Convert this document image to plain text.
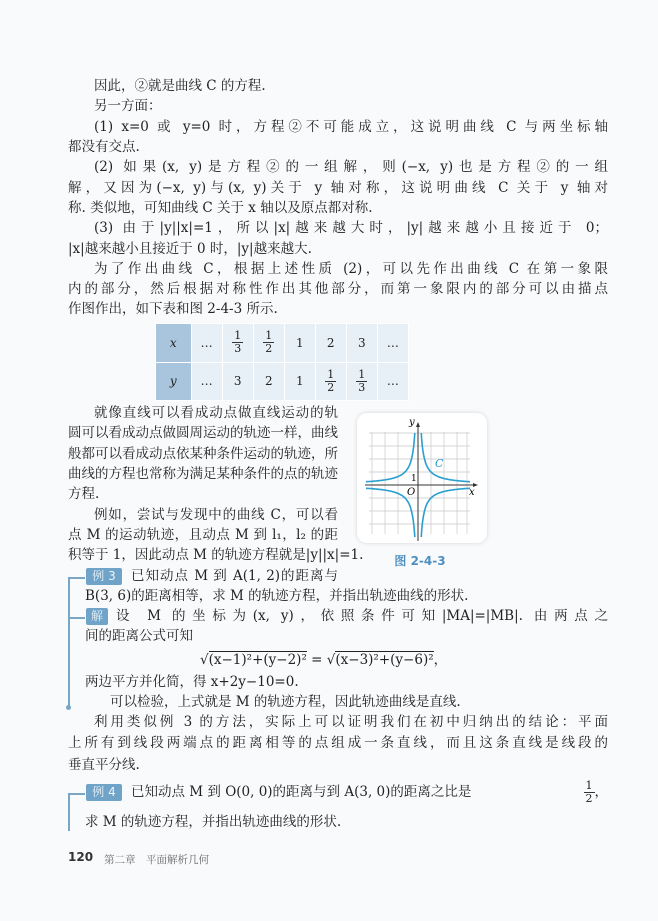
因此，②就是曲线 C 的方程.
另一方面：
(1) x=0 或 y=0 时，方程②不可能成立，这说明曲线 C 与两坐标轴
都没有交点.
(2) 如果(x, y)是方程②的一组解，则(−x, y)也是方程②的一组
解，又因为(−x, y)与(x, y)关于 y 轴对称，这说明曲线 C 关于 y 轴对
称. 类似地，可知曲线 C 关于 x 轴以及原点都对称.
(3) 由于|y||x|=1，所以|x|越来越大时，|y|越来越小且接近于 0；
|x|越来越小且接近于 0 时，|y|越来越大.
为了作出曲线 C，根据上述性质 (2)，可以先作出曲线 C 在第一象限
内的部分，然后根据对称性作出其他部分，而第一象限内的部分可以由描点
作图作出，如下表和图 2-4-3 所示.
x	…	$\frac{1}{3}$	$\frac{1}{2}$	1	2	3	…
y	…	3	2	1	$\frac{1}{2}$	$\frac{1}{3}$	…
就像直线可以看成动点做直线运动的轨
圆可以看成动点做圆周运动的轨迹一样，曲线
般都可以看成动点依某种条件运动的轨迹，所
曲线的方程也常称为满足某种条件的点的轨迹
方程.
例如，尝试与发现中的曲线 C，可以看
点 M 的运动轨迹，且动点 M 到 l₁，l₂ 的距
积等于 1，因此动点 M 的轨迹方程就是|y||x|=1.
y
x
O
1
C
图 2-4-3
例 3	已知动点 M 到 A(1, 2)的距离与
B(3, 6)的距离相等，求 M 的轨迹方程，并指出轨迹曲线的形状.
解 设 M 的坐标为(x, y)，依照条件可知|MA|=|MB|. 由两点之
间的距离公式可知
√(x−1)²+(y−2)² = √(x−3)²+(y−6)²，
两边平方并化简，得 x+2y−10=0.
可以检验，上式就是 M 的轨迹方程，因此轨迹曲线是直线.
利用类似例 3 的方法，实际上可以证明我们在初中归纳出的结论：平面
上所有到线段两端点的距离相等的点组成一条直线，而且这条直线是线段的
垂直平分线.
例 4	已知动点 M 到 O(0, 0)的距离与到 A(3, 0)的距离之比是	$\frac{1}{2}$ ，
求 M 的轨迹方程，并指出轨迹曲线的形状.
120 第二章　平面解析几何
